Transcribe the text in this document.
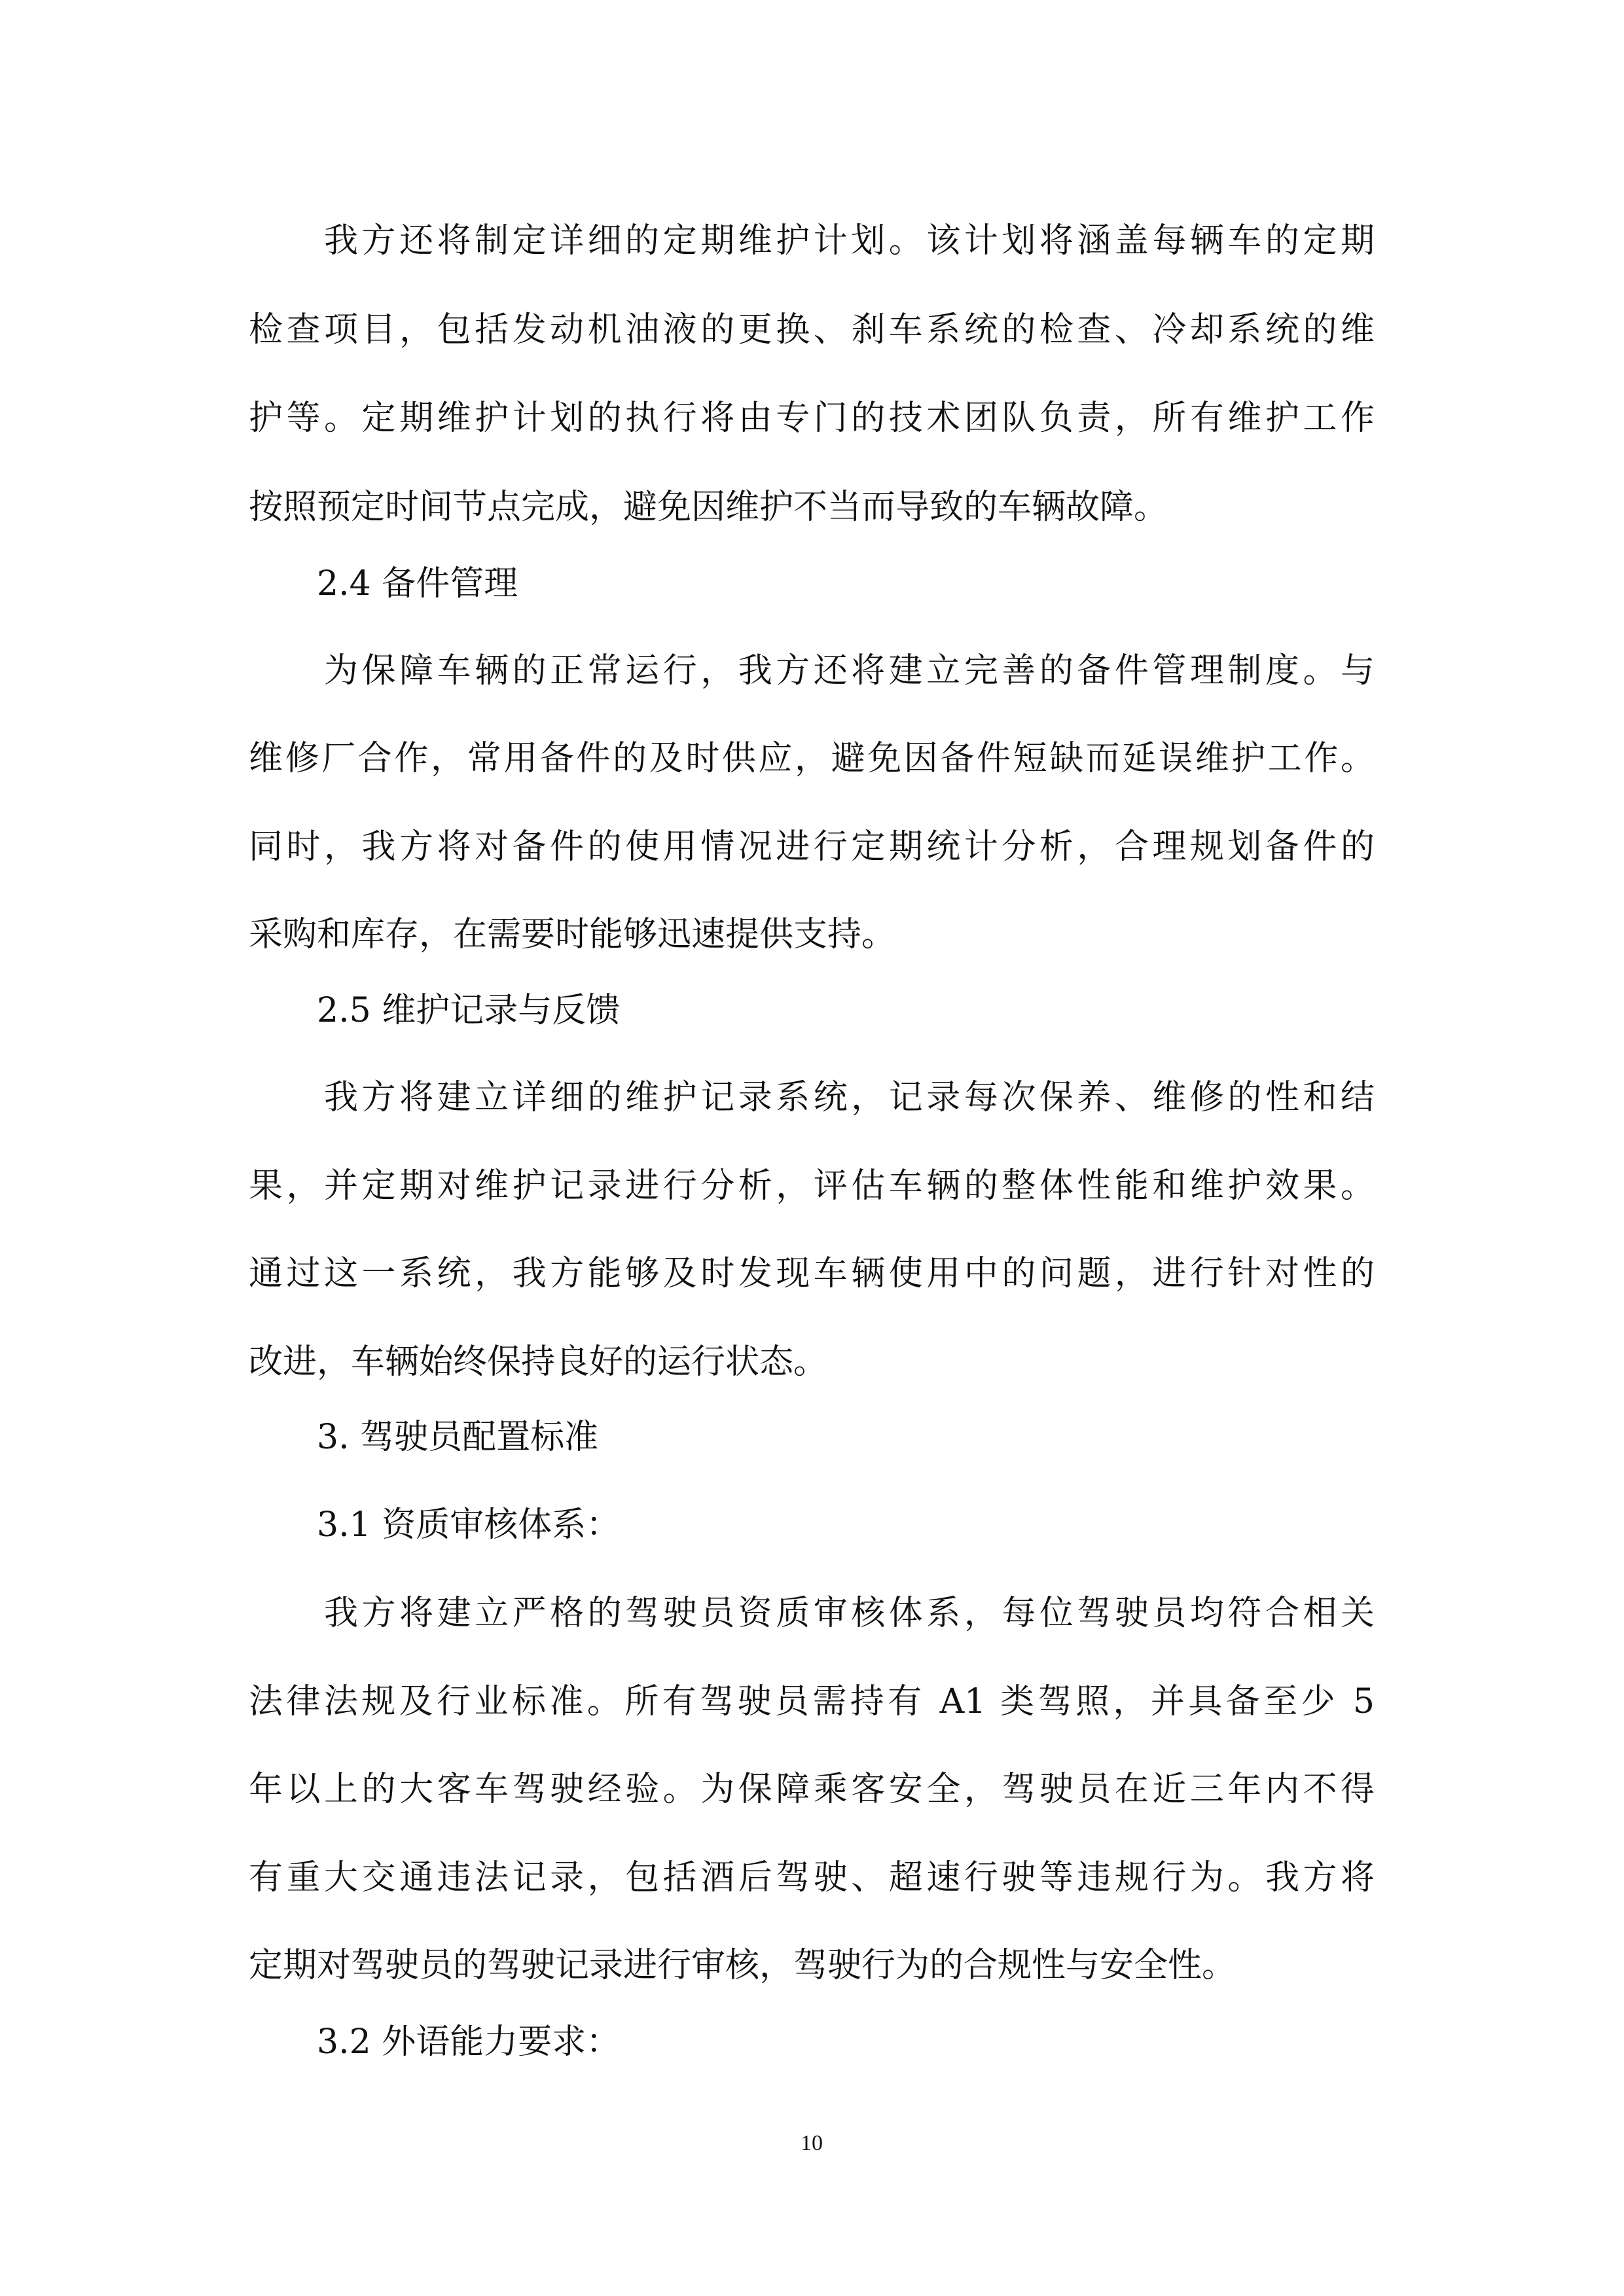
　　我方还将制定详细的定期维护计划。该计划将涵盖每辆车的定期
检查项目，包括发动机油液的更换、刹车系统的检查、冷却系统的维
护等。定期维护计划的执行将由专门的技术团队负责，所有维护工作
按照预定时间节点完成，避免因维护不当而导致的车辆故障。
　　2.4 备件管理
　　为保障车辆的正常运行，我方还将建立完善的备件管理制度。与
维修厂合作，常用备件的及时供应，避免因备件短缺而延误维护工作。
同时，我方将对备件的使用情况进行定期统计分析，合理规划备件的
采购和库存，在需要时能够迅速提供支持。
　　2.5 维护记录与反馈
　　我方将建立详细的维护记录系统，记录每次保养、维修的性和结
果，并定期对维护记录进行分析，评估车辆的整体性能和维护效果。
通过这一系统，我方能够及时发现车辆使用中的问题，进行针对性的
改进，车辆始终保持良好的运行状态。
　　3. 驾驶员配置标准
　　3.1 资质审核体系：
　　我方将建立严格的驾驶员资质审核体系，每位驾驶员均符合相关
法律法规及行业标准。所有驾驶员需持有 A1 类驾照，并具备至少 5
年以上的大客车驾驶经验。为保障乘客安全，驾驶员在近三年内不得
有重大交通违法记录，包括酒后驾驶、超速行驶等违规行为。我方将
定期对驾驶员的驾驶记录进行审核，驾驶行为的合规性与安全性。
　　3.2 外语能力要求：
10
